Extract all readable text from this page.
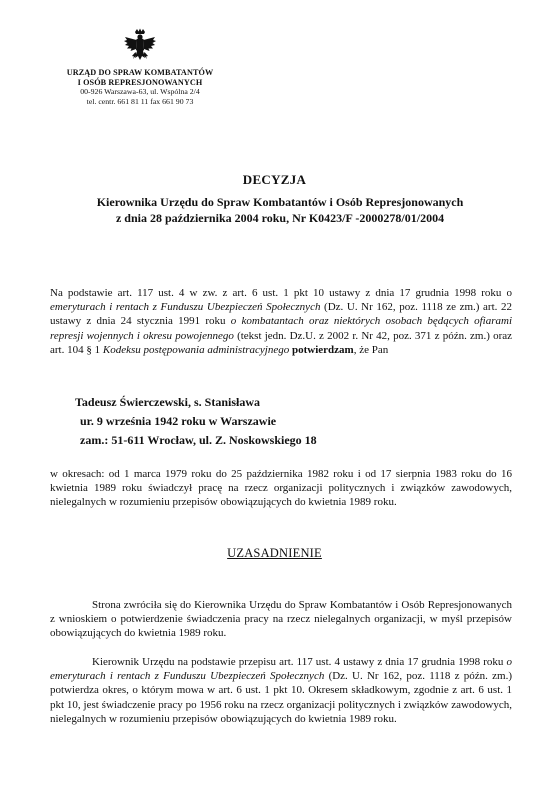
URZĄD DO SPRAW KOMBATANTÓW
I OSÓB REPRESJONOWANYCH
00-926 Warszawa-63, ul. Wspólna 2/4
tel. centr. 661 81 11 fax 661 90 73
DECYZJA
Kierownika Urzędu do Spraw Kombatantów i Osób Represjonowanych
z dnia 28 października 2004 roku, Nr K0423/F -2000278/01/2004

Na podstawie art. 117 ust. 4 w zw. z art. 6 ust. 1 pkt 10 ustawy z dnia 17 grudnia 1998 roku o emeryturach i rentach z Funduszu Ubezpieczeń Społecznych (Dz. U. Nr 162, poz. 1118 ze zm.) art. 22 ustawy z dnia 24 stycznia 1991 roku o kombatantach oraz niektórych osobach będących ofiarami represji wojennych i okresu powojennego (tekst jedn. Dz.U. z 2002 r. Nr 42, poz. 371 z późn. zm.) oraz art. 104 § 1 Kodeksu postępowania administracyjnego potwierdzam, że Pan

Tadeusz Świerczewski, s. Stanisława
ur. 9 września 1942 roku w Warszawie
zam.: 51-611 Wrocław, ul. Z. Noskowskiego 18

w okresach: od 1 marca 1979 roku do 25 października 1982 roku i od 17 sierpnia 1983 roku do 16 kwietnia 1989 roku świadczył pracę na rzecz organizacji politycznych i związków zawodowych, nielegalnych w rozumieniu przepisów obowiązujących do kwietnia 1989 roku.

UZASADNIENIE

Strona zwróciła się do Kierownika Urzędu do Spraw Kombatantów i Osób Represjonowanych z wnioskiem o potwierdzenie świadczenia pracy na rzecz nielegalnych organizacji, w myśl przepisów obowiązujących do kwietnia 1989 roku.

Kierownik Urzędu na podstawie przepisu art. 117 ust. 4 ustawy z dnia 17 grudnia 1998 roku o emeryturach i rentach z Funduszu Ubezpieczeń Społecznych (Dz. U. Nr 162, poz. 1118 z późn. zm.) potwierdza okres, o którym mowa w art. 6 ust. 1 pkt 10. Okresem składkowym, zgodnie z art. 6 ust. 1 pkt 10, jest świadczenie pracy po 1956 roku na rzecz organizacji politycznych i związków zawodowych, nielegalnych w rozumieniu przepisów obowiązujących do kwietnia 1989 roku.
